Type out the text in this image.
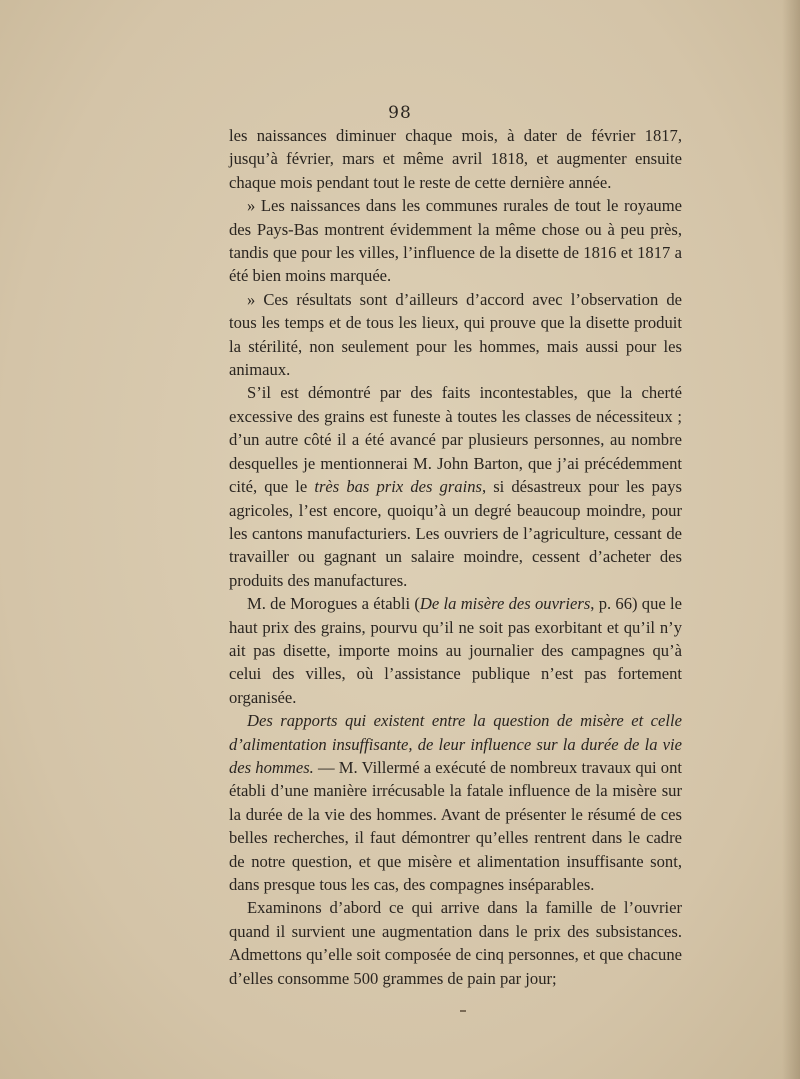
98

les naissances diminuer chaque mois, à dater de février 1817, jusqu’à février, mars et même avril 1818, et augmenter ensuite chaque mois pendant tout le reste de cette dernière année.

» Les naissances dans les communes rurales de tout le royaume des Pays-Bas montrent évidemment la même chose ou à peu près, tandis que pour les villes, l’influence de la disette de 1816 et 1817 a été bien moins marquée.

» Ces résultats sont d’ailleurs d’accord avec l’observation de tous les temps et de tous les lieux, qui prouve que la disette produit la stérilité, non seulement pour les hommes, mais aussi pour les animaux.

S’il est démontré par des faits incontestables, que la cherté excessive des grains est funeste à toutes les classes de nécessiteux ; d’un autre côté il a été avancé par plusieurs personnes, au nombre desquelles je mentionnerai M. John Barton, que j’ai précédemment cité, que le très bas prix des grains, si désastreux pour les pays agricoles, l’est encore, quoiqu’à un degré beaucoup moindre, pour les cantons manufacturiers. Les ouvriers de l’agriculture, cessant de travailler ou gagnant un salaire moindre, cessent d’acheter des produits des manufactures.

M. de Morogues a établi (De la misère des ouvriers, p. 66) que le haut prix des grains, pourvu qu’il ne soit pas exorbitant et qu’il n’y ait pas disette, importe moins au journalier des campagnes qu’à celui des villes, où l’assistance publique n’est pas fortement organisée.

Des rapports qui existent entre la question de misère et celle d’alimentation insuffisante, de leur influence sur la durée de la vie des hommes. — M. Villermé a exécuté de nombreux travaux qui ont établi d’une manière irrécusable la fatale influence de la misère sur la durée de la vie des hommes. Avant de présenter le résumé de ces belles recherches, il faut démontrer qu’elles rentrent dans le cadre de notre question, et que misère et alimentation insuffisante sont, dans presque tous les cas, des compagnes inséparables.

Examinons d’abord ce qui arrive dans la famille de l’ouvrier quand il survient une augmentation dans le prix des subsistances. Admettons qu’elle soit composée de cinq personnes, et que chacune d’elles consomme 500 grammes de pain par jour;
